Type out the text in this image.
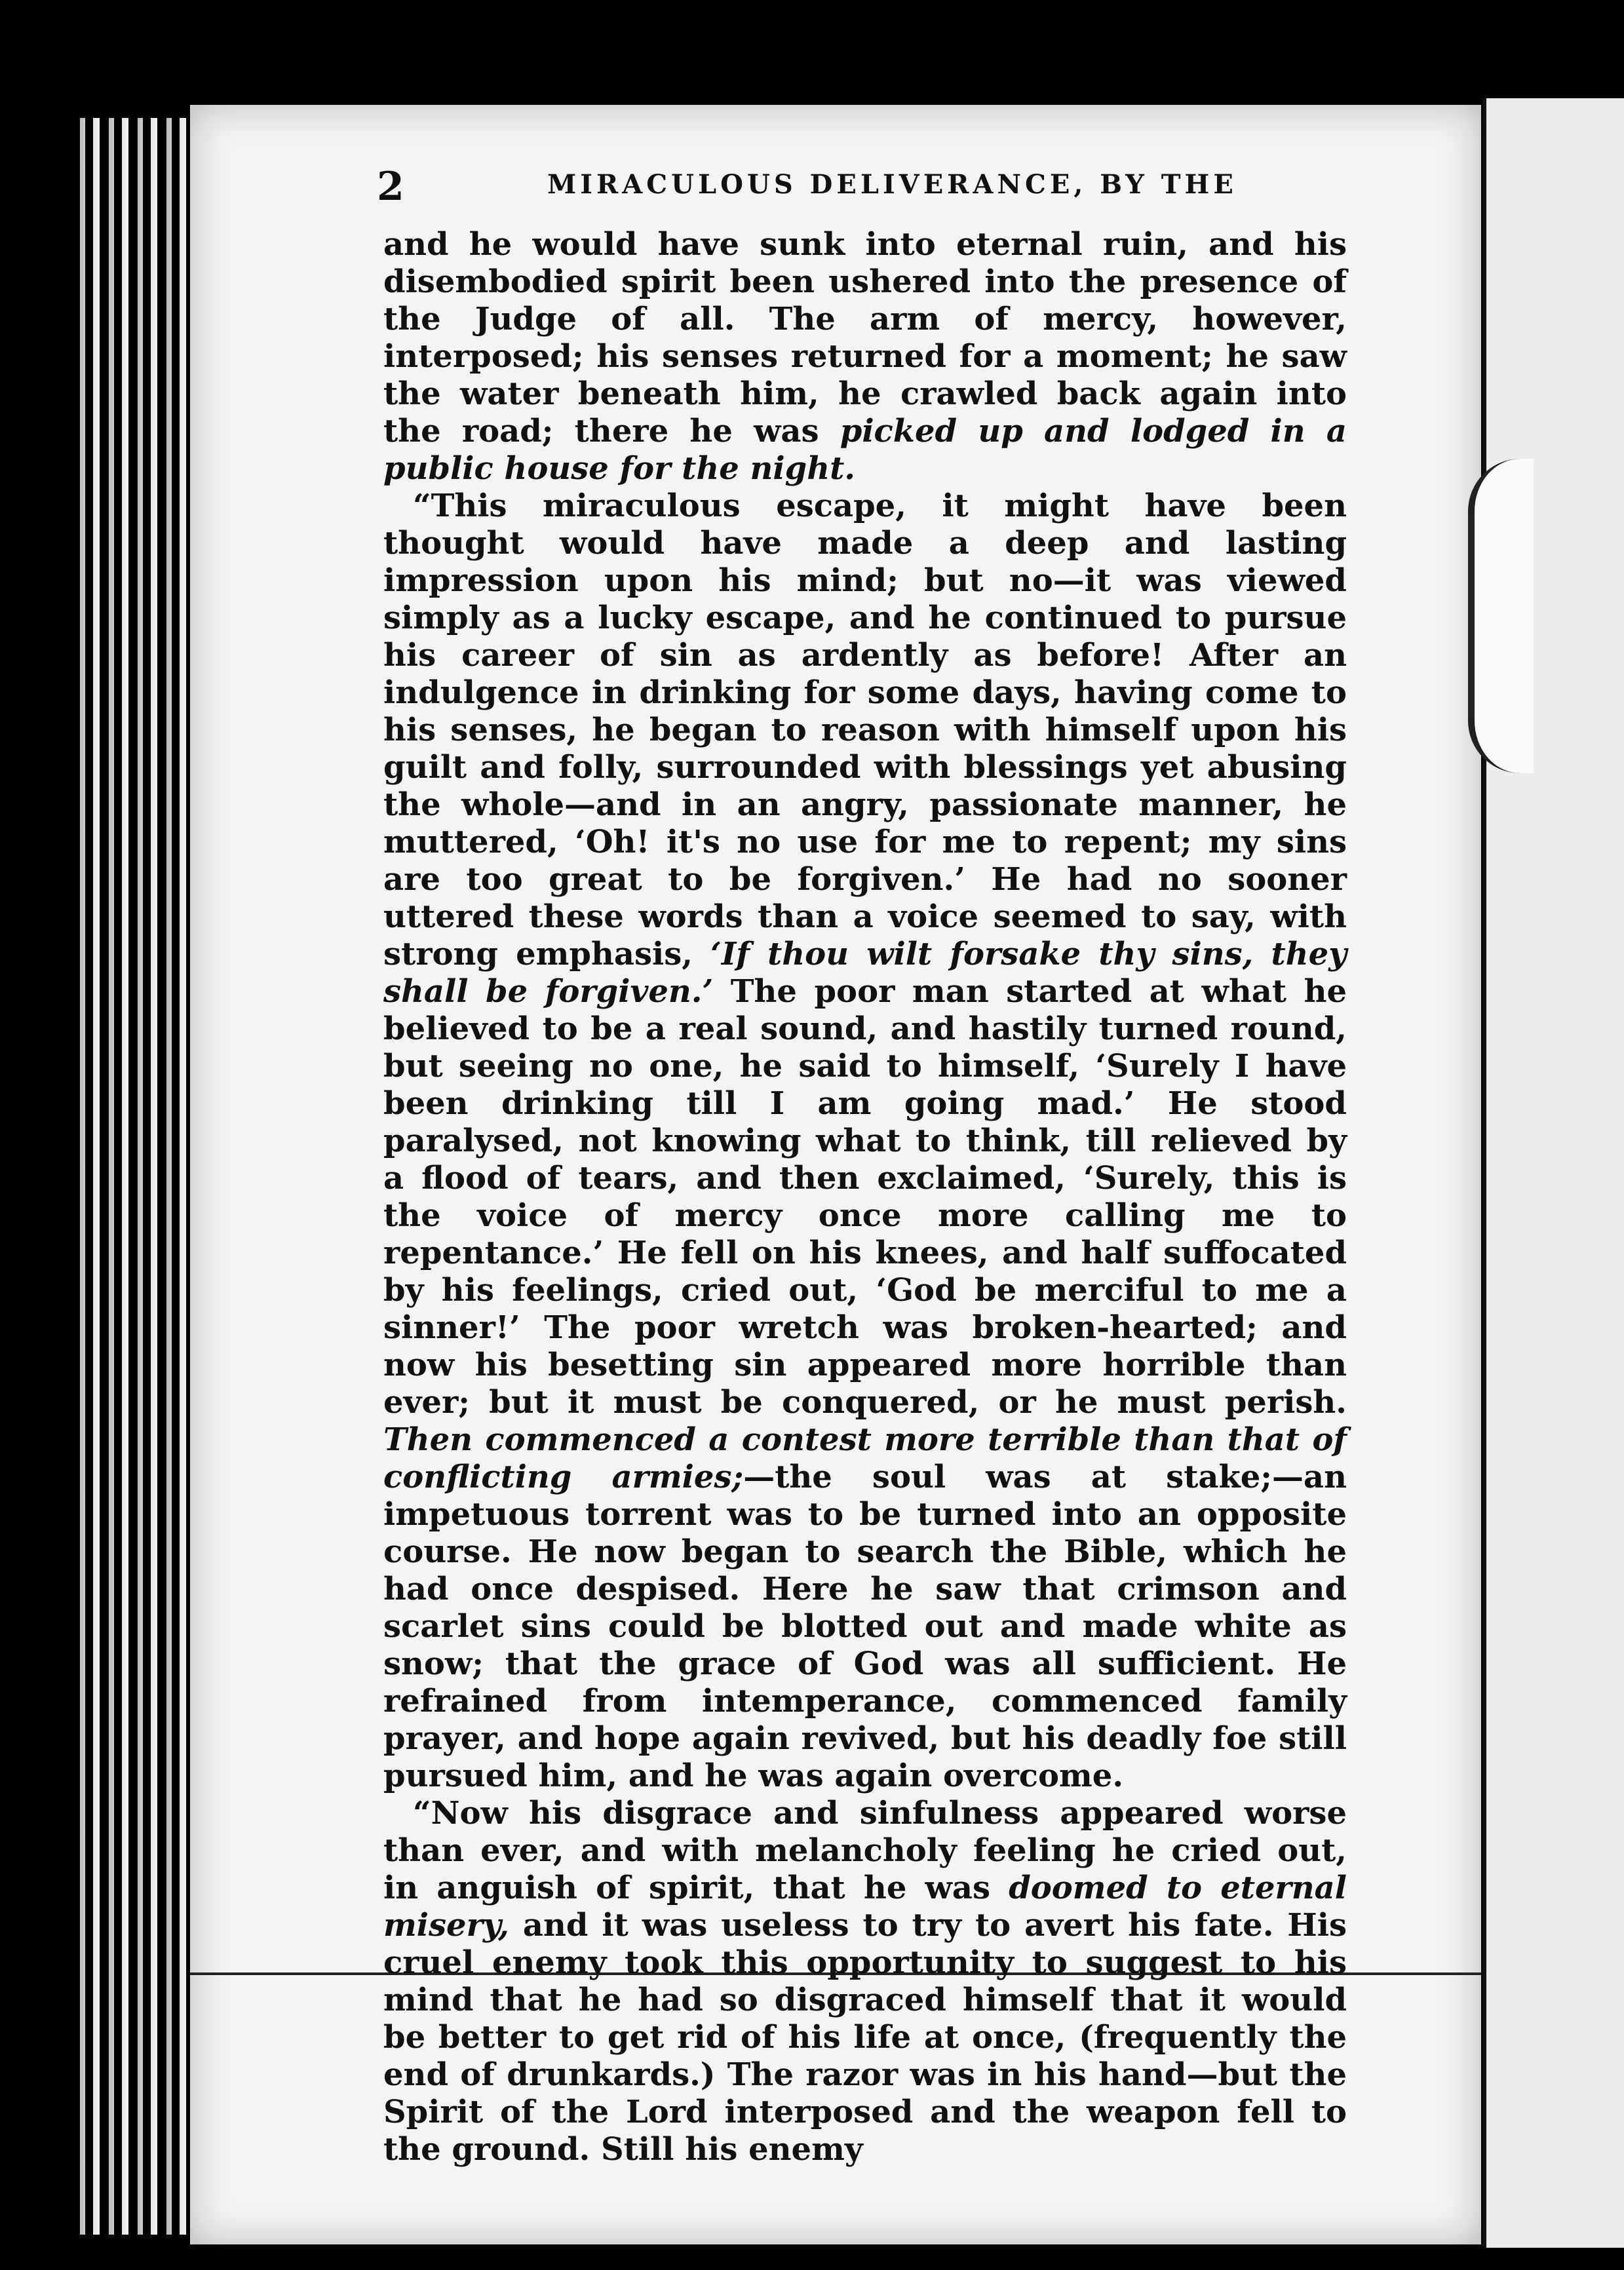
2	MIRACULOUS DELIVERANCE, BY THE

and he would have sunk into eternal ruin, and his disembodied spirit been ushered into the presence of the Judge of all. The arm of mercy, however, interposed; his senses returned for a moment; he saw the water beneath him, he crawled back again into the road; there he was picked up and lodged in a public house for the night.

“This miraculous escape, it might have been thought would have made a deep and lasting impression upon his mind; but no—it was viewed simply as a lucky escape, and he continued to pursue his career of sin as ardently as before! After an indulgence in drinking for some days, having come to his senses, he began to reason with himself upon his guilt and folly, surrounded with blessings yet abusing the whole—and in an angry, passionate manner, he muttered, ‘Oh! it's no use for me to repent; my sins are too great to be forgiven.’ He had no sooner uttered these words than a voice seemed to say, with strong emphasis, ‘If thou wilt forsake thy sins, they shall be forgiven.’ The poor man started at what he believed to be a real sound, and hastily turned round, but seeing no one, he said to himself, ‘Surely I have been drinking till I am going mad.’ He stood paralysed, not knowing what to think, till relieved by a flood of tears, and then exclaimed, ‘Surely, this is the voice of mercy once more calling me to repentance.’ He fell on his knees, and half suffocated by his feelings, cried out, ‘God be merciful to me a sinner!’ The poor wretch was broken-hearted; and now his besetting sin appeared more horrible than ever; but it must be conquered, or he must perish. Then commenced a contest more terrible than that of conflicting armies;—the soul was at stake;—an impetuous torrent was to be turned into an opposite course. He now began to search the Bible, which he had once despised. Here he saw that crimson and scarlet sins could be blotted out and made white as snow; that the grace of God was all sufficient. He refrained from intemperance, commenced family prayer, and hope again revived, but his deadly foe still pursued him, and he was again overcome.

“Now his disgrace and sinfulness appeared worse than ever, and with melancholy feeling he cried out, in anguish of spirit, that he was doomed to eternal misery, and it was useless to try to avert his fate. His cruel enemy took this opportunity to suggest to his mind that he had so disgraced himself that it would be better to get rid of his life at once, (frequently the end of drunkards.) The razor was in his hand—but the Spirit of the Lord interposed and the weapon fell to the ground. Still his enemy
